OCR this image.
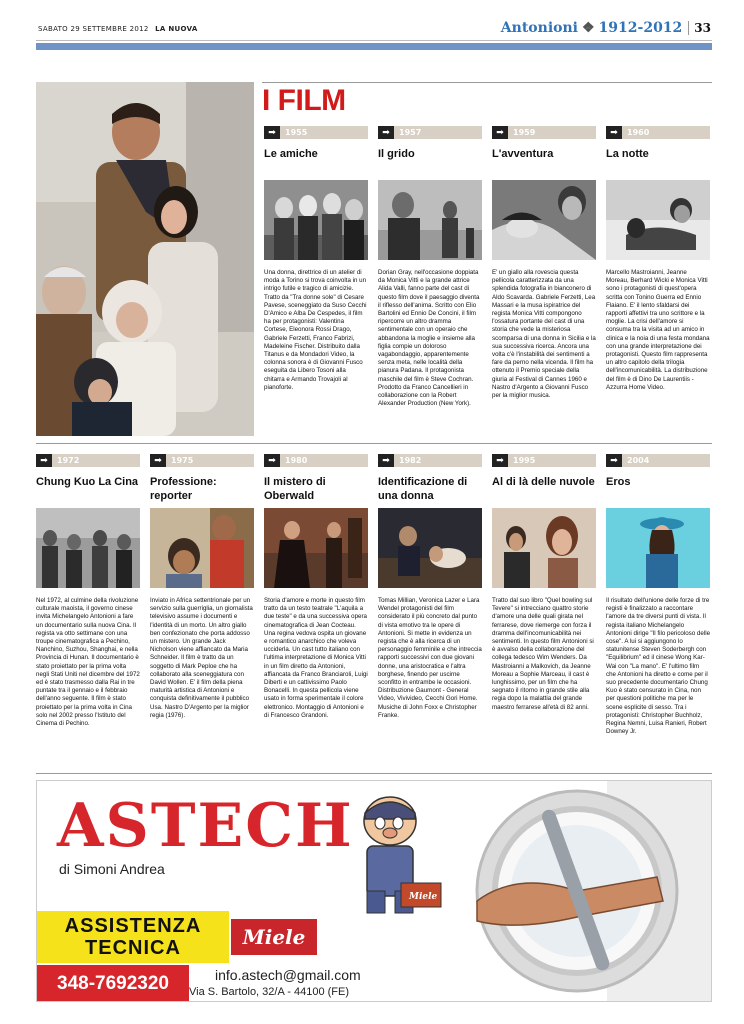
SABATO 29 SETTEMBRE 2012 LA NUOVA	Antonioni ❖ 1912-2012	33
I FILM
➡	1955
Le amiche
Una donna, direttrice di un atelier di moda a Torino si trova coinvolta in un intrigo futile e tragico di amicizie. Tratto da "Tra donne sole" di Cesare Pavese, sceneggiato da Suso Cecchi D'Amico e Alba De Cespedes, il film ha per protagonisti: Valentina Cortese, Eleonora Rossi Drago, Gabriele Ferzetti, Franco Fabrizi, Madeleine Fischer. Distribuito dalla Titanus e da Mondadori Video, la colonna sonora è di Giovanni Fusco eseguita da Libero Tosoni alla chitarra e Armando Trovajoli al pianoforte.
➡	1957
Il grido
Dorian Gray, nell'occasione doppiata da Monica Vitti e la grande attrice Alida Valli, fanno parte del cast di questo film dove il paesaggio diventa il riflesso dell'anima. Scritto con Elio Bartolini ed Ennio De Concini, il film ripercorre un altro dramma sentimentale con un operaio che abbandona la moglie e insieme alla figlia compie un doloroso vagabondaggio, apparentemente senza meta, nelle località della pianura Padana. Il protagonista maschile del film è Steve Cochran. Prodotto da Franco Cancellieri in collaborazione con la Robert Alexander Production (New York).
➡	1959
L'avventura
E' un giallo alla rovescia questa pellicola caratterizzata da una splendida fotografia in bianconero di Aldo Scavarda. Gabriele Ferzetti, Lea Massari e la musa ispiratrice del regista Monica Vitti compongono l'ossatura portante del cast di una storia che vede la misteriosa scomparsa di una donna in Sicilia e la sua successiva ricerca. Ancora una volta c'è l'instabilità dei sentimenti a fare da perno nella vicenda. Il film ha ottenuto il Premio speciale della giuria al Festival di Cannes 1960 e Nastro d'Argento a Giovanni Fusco per la miglior musica.
➡	1960
La notte
Marcello Mastroianni, Jeanne Moreau, Berhard Wicki e Monica Vitti sono i protagonisti di quest'opera scritta con Tonino Guerra ed Ennio Flaiano. E' il lento sfaldarsi dei rapporti affettivi tra uno scrittore e la moglie. La crisi dell'amore si consuma tra la visita ad un amico in clinica e la noia di una festa mondana con una grande interpretazione dei protagonisti. Questo film rappresenta un altro capitolo della trilogia dell'incomunicabilità. La distribuzione del film è di Dino De Laurentiis - Azzurra Home Video.
➡	1972
Chung Kuo La Cina
Nel 1972, al culmine della rivoluzione culturale maoista, il governo cinese invita Michelangelo Antonioni a fare un documentario sulla nuova Cina. Il regista va otto settimane con una troupe cinematografica a Pechino, Nanchino, Suzhou, Shanghai, e nella Provincia di Hunan. Il documentario è stato proiettato per la prima volta negli Stati Uniti nel dicembre del 1972 ed è stato trasmesso dalla Rai in tre puntate tra il gennaio e il febbraio dell'anno seguente. Il film è stato proiettato per la prima volta in Cina solo nel 2002 presso l'Istituto del Cinema di Pechino.
➡	1975
Professione: reporter
Inviato in Africa settentrionale per un servizio sulla guerriglia, un giornalista televisivo assume i documenti e l'identità di un morto. Un altro giallo ben confezionato che porta addosso un mistero. Un grande Jack Nicholson viene affiancato da Maria Schneider. Il film è tratto da un soggetto di Mark Peploe che ha collaborato alla sceneggiatura con David Wollen. E' il film della piena maturità artistica di Antonioni e conquista definitivamente il pubblico Usa. Nastro D'Argento per la miglior regia (1976).
➡	1980
Il mistero di Oberwald
Storia d'amore e morte in questo film tratto da un testo teatrale "L'aquila a due teste" e da una successiva opera cinematografica di Jean Cocteau. Una regina vedova ospita un giovane e romantico anarchico che voleva ucciderla. Un cast tutto italiano con l'ultima interpretazione di Monica Vitti in un film diretto da Antonioni, affiancata da Franco Branciaroli, Luigi Diberti e un cattivissimo Paolo Bonacelli. In questa pellicola viene usato in forma sperimentale il colore elettronico. Montaggio di Antonioni e di Francesco Grandoni.
➡	1982
Identificazione di una donna
Tomas Millian, Veronica Lazer e Lara Wendel protagonisti del film considerato il più concreto dal punto di vista emotivo tra le opere di Antonioni. Si mette in evidenza un regista che è alla ricerca di un personaggio femminile e che intreccia rapporti successivi con due giovani donne, una aristocratica e l'altra borghese, finendo per uscirne sconfitto in entrambe le occasioni. Distribuzione Gaumont - General Video, Vivivideo, Cecchi Gori Home. Musiche di John Foxx e Christopher Franke.
➡	1995
Al di là delle nuvole
Tratto dal suo libro "Quel bowling sul Tevere" si intrecciano quattro storie d'amore una delle quali girata nel ferrarese, dove riemerge con forza il dramma dell'incomunicabilità nei sentimenti. In questo film Antonioni si è avvalso della collaborazione del collega tedesco Wim Wenders. Da Mastroianni a Malkovich, da Jeanne Moreau a Sophie Marceau, il cast è lunghissimo, per un film che ha segnato il ritorno in grande stile alla regia dopo la malattia del grande maestro ferrarese all'età di 82 anni.
➡	2004
Eros
Il risultato dell'unione delle forze di tre registi è finalizzato a raccontare l'amore da tre diversi punti di vista. Il regista italiano Michelangelo Antonioni dirige "Il filo pericoloso delle cose". A lui si aggiungono lo statunitense Steven Soderbergh con "Equilibrium" ed il cinese Wong Kar-Wai con "La mano". E' l'ultimo film che Antonioni ha diretto e come per il suo precedente documentario Chung Kuo è stato censurato in Cina, non per questioni politiche ma per le scene esplicite di sesso. Tra i protagonisti: Christopher Buchholz, Regina Nemni, Luisa Ranieri, Robert Downey Jr.
ASTECH
di Simoni Andrea
Miele
ASSISTENZA
TECNICA	Miele
348-7692320	info.astech@gmail.com
Via S. Bartolo, 32/A - 44100 (FE)
